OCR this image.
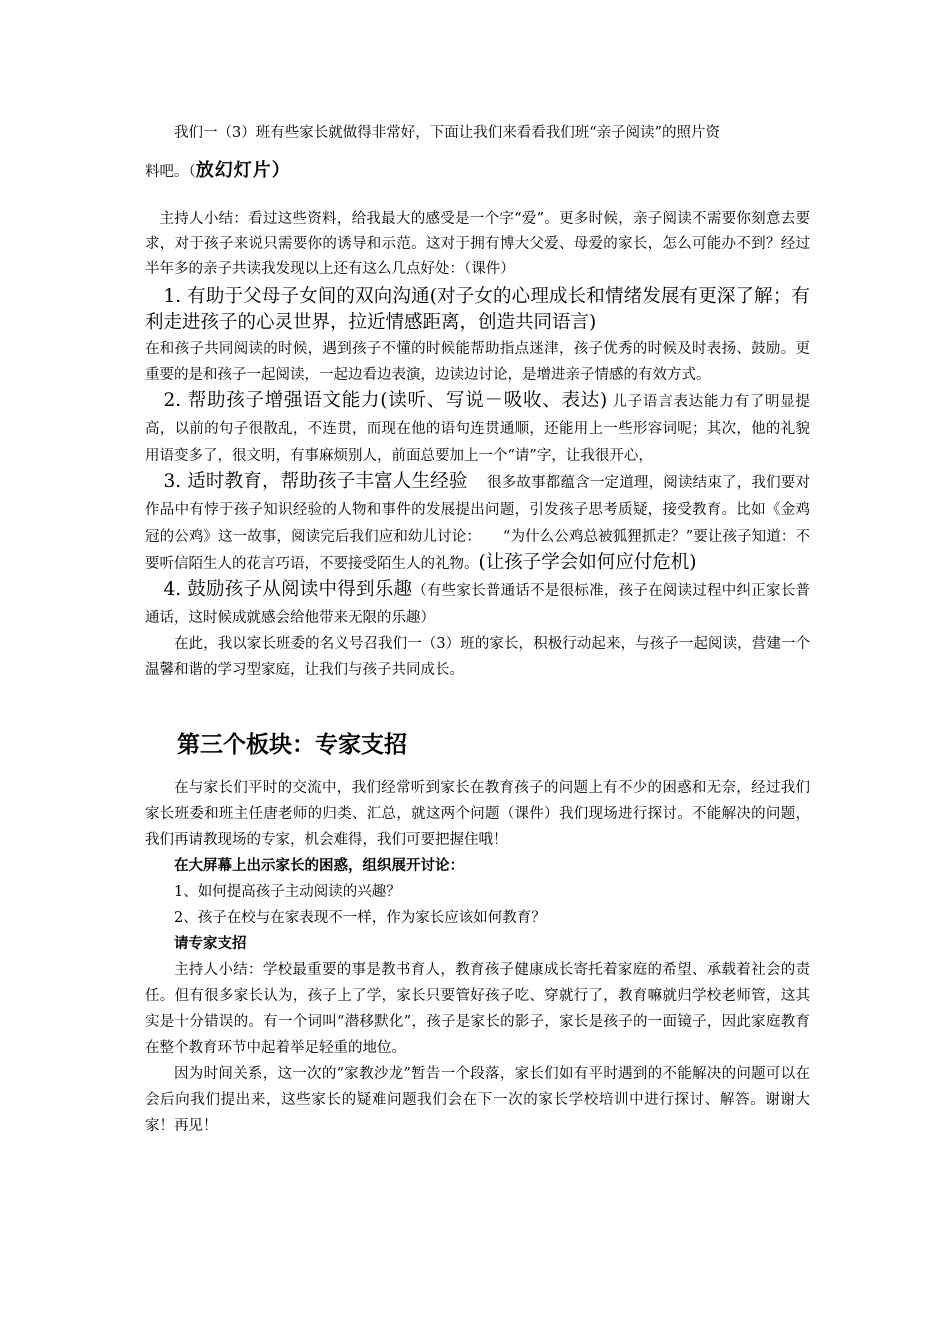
我们一（3）班有些家长就做得非常好，下面让我们来看看我们班“亲子阅读”的照片资

料吧。（放幻灯片）

主持人小结：看过这些资料，给我最大的感受是一个字“爱”。更多时候，亲子阅读不需要你刻意去要求，对于孩子来说只需要你的诱导和示范。这对于拥有博大父爱、母爱的家长，怎么可能办不到？经过半年多的亲子共读我发现以上还有这么几点好处：（课件）

1. 有助于父母子女间的双向沟通(对子女的心理成长和情绪发展有更深了解；有利走进孩子的心灵世界，拉近情感距离，创造共同语言)

在和孩子共同阅读的时候，遇到孩子不懂的时候能帮助指点迷津，孩子优秀的时候及时表扬、鼓励。更重要的是和孩子一起阅读，一起边看边表演，边读边讨论，是增进亲子情感的有效方式。

2. 帮助孩子增强语文能力(读听、写说－吸收、表达) 儿子语言表达能力有了明显提高，以前的句子很散乱，不连贯，而现在他的语句连贯通顺，还能用上一些形容词呢；其次，他的礼貌用语变多了，很文明，有事麻烦别人，前面总要加上一个“请”字，让我很开心，

3. 适时教育，帮助孩子丰富人生经验　 很多故事都蕴含一定道理，阅读结束了，我们要对作品中有悖于孩子知识经验的人物和事件的发展提出问题，引发孩子思考质疑，接受教育。比如《金鸡冠的公鸡》这一故事，阅读完后我们应和幼儿讨论：　　“为什么公鸡总被狐狸抓走？”要让孩子知道：不要听信陌生人的花言巧语，不要接受陌生人的礼物。(让孩子学会如何应付危机)

4. 鼓励孩子从阅读中得到乐趣（有些家长普通话不是很标准，孩子在阅读过程中纠正家长普通话，这时候成就感会给他带来无限的乐趣）

在此，我以家长班委的名义号召我们一（3）班的家长，积极行动起来，与孩子一起阅读，营建一个温馨和谐的学习型家庭，让我们与孩子共同成长。

第三个板块：专家支招

在与家长们平时的交流中，我们经常听到家长在教育孩子的问题上有不少的困惑和无奈，经过我们家长班委和班主任唐老师的归类、汇总，就这两个问题（课件）我们现场进行探讨。不能解决的问题，我们再请教现场的专家，机会难得，我们可要把握住哦！

在大屏幕上出示家长的困惑，组织展开讨论：

1、如何提高孩子主动阅读的兴趣？

2、孩子在校与在家表现不一样，作为家长应该如何教育？

请专家支招

主持人小结：学校最重要的事是教书育人，教育孩子健康成长寄托着家庭的希望、承载着社会的责任。但有很多家长认为，孩子上了学，家长只要管好孩子吃、穿就行了，教育嘛就归学校老师管，这其实是十分错误的。有一个词叫“潜移默化”，孩子是家长的影子，家长是孩子的一面镜子，因此家庭教育在整个教育环节中起着举足轻重的地位。

因为时间关系，这一次的“家教沙龙”暂告一个段落，家长们如有平时遇到的不能解决的问题可以在会后向我们提出来，这些家长的疑难问题我们会在下一次的家长学校培训中进行探讨、解答。谢谢大家！再见！
